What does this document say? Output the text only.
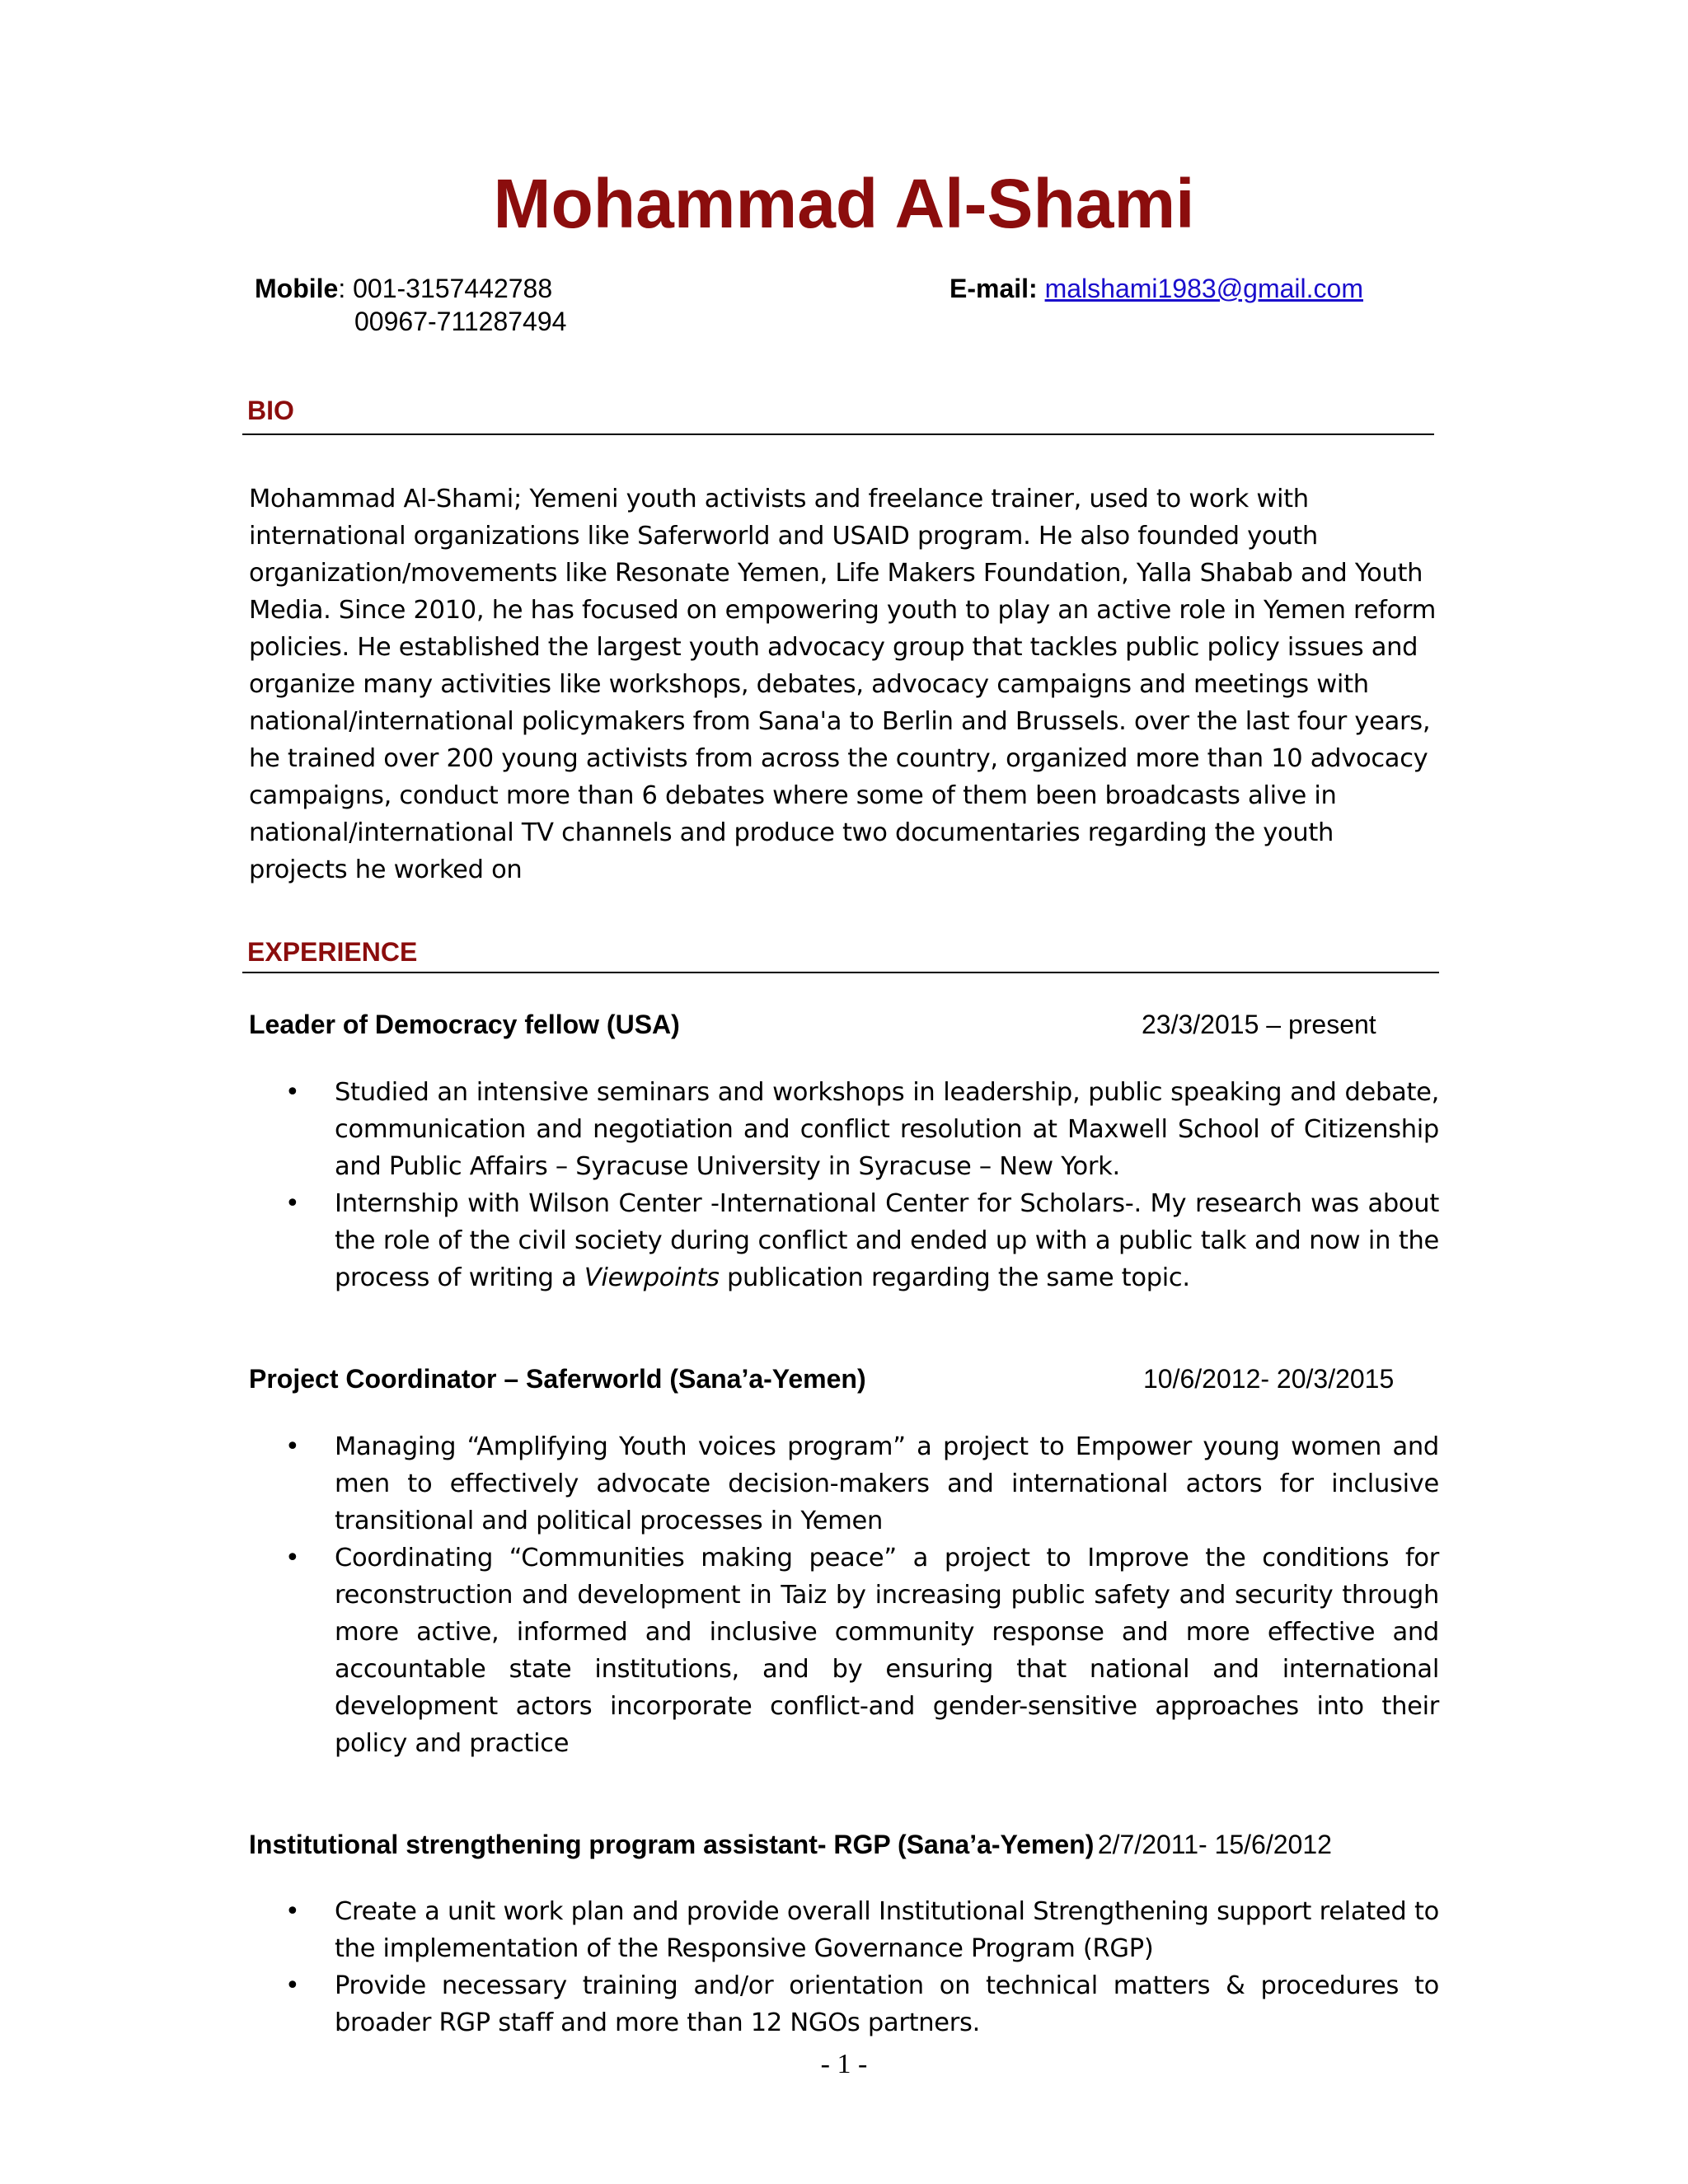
Mohammad Al-Shami
Mobile: 001-3157442788
00967-711287494
E-mail: malshami1983@gmail.com
BIO
Mohammad Al-Shami; Yemeni youth activists and freelance trainer, used to work with
international organizations like Saferworld and USAID program. He also founded youth
organization/movements like Resonate Yemen, Life Makers Foundation, Yalla Shabab and Youth
Media. Since 2010, he has focused on empowering youth to play an active role in Yemen reform
policies. He established the largest youth advocacy group that tackles public policy issues and
organize many activities like workshops, debates, advocacy campaigns and meetings with
national/international policymakers from Sana'a to Berlin and Brussels. over the last four years,
he trained over 200 young activists from across the country, organized more than 10 advocacy
campaigns, conduct more than 6 debates where some of them been broadcasts alive in
national/international TV channels and produce two documentaries regarding the youth
projects he worked on
EXPERIENCE
Leader of Democracy fellow (USA)	23/3/2015 – present
• Studied an intensive seminars and workshops in leadership, public speaking and debate, communication and negotiation and conflict resolution at Maxwell School of Citizenship and Public Affairs – Syracuse University in Syracuse – New York.
• Internship with Wilson Center -International Center for Scholars-. My research was about the role of the civil society during conflict and ended up with a public talk and now in the process of writing a Viewpoints publication regarding the same topic.
Project Coordinator – Saferworld (Sana’a-Yemen)	10/6/2012- 20/3/2015
• Managing “Amplifying Youth voices program” a project to Empower young women and men to effectively advocate decision-makers and international actors for inclusive transitional and political processes in Yemen
• Coordinating “Communities making peace” a project to Improve the conditions for reconstruction and development in Taiz by increasing public safety and security through more active, informed and inclusive community response and more effective and accountable state institutions, and by ensuring that national and international development actors incorporate conflict-and gender-sensitive approaches into their policy and practice
Institutional strengthening program assistant- RGP (Sana’a-Yemen) 2/7/2011- 15/6/2012
• Create a unit work plan and provide overall Institutional Strengthening support related to the implementation of the Responsive Governance Program (RGP)
• Provide necessary training and/or orientation on technical matters & procedures to broader RGP staff and more than 12 NGOs partners.
- 1 -
